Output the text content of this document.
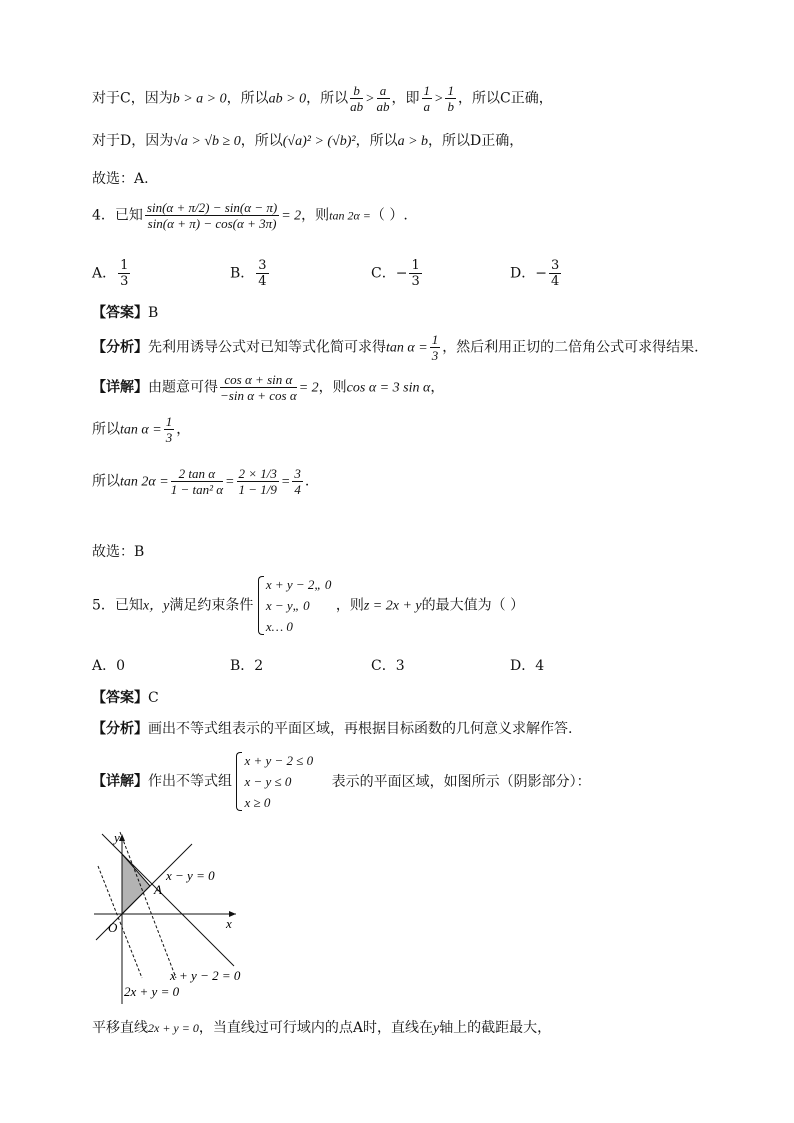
对于C，因为b > a > 0，所以ab > 0，所以 $\frac{b}{ab} > \frac{a}{ab}$ ，即 $\frac{1}{a} > \frac{1}{b}$ ，所以C正确，
对于D，因为√a > √b ≥ 0，所以(√a)² > (√b)²，所以a > b，所以D正确，
故选：A.
4．已知 $\frac{\sin(\alpha + \pi/2) - \sin(\alpha - \pi)}{\sin(\alpha + \pi) - \cos(\alpha + 3\pi)} = 2$，则tan 2α =（ ）.
A． $\frac{1}{3}$	B． $\frac{3}{4}$	C．− $\frac{1}{3}$	D．− $\frac{3}{4}$
【答案】B
【分析】先利用诱导公式对已知等式化简可求得$\tan \alpha = \frac{1}{3}$ ，然后利用正切的二倍角公式可求得结果.
【详解】由题意可得 $\frac{\text{cos α + sin α}}{\text{−sin α + cos α}} = 2$，则cos α = 3 sin α，
所以$\tan \alpha = \frac{1}{3}$ ，
所以$\tan 2\alpha = \frac{\text{2 tan α}}{\text{1 − tan² α}} = \frac{2 \times 1/3}{1 - 1/9} = \frac{3}{4}$ .
故选：B
5．已知x，y满足约束条件
x + y − 2„ 0
x − y„ 0
x… 0
，则z = 2x + y的最大值为（ ）
A．0	B．2	C．3	D．4
【答案】C
【分析】画出不等式组表示的平面区域，再根据目标函数的几何意义求解作答.
【详解】作出不等式组
x + y − 2 ≤ 0
x − y ≤ 0
x ≥ 0
表示的平面区域，如图所示（阴影部分）：
y
x
O
A
x − y = 0
x + y − 2 = 0
2x + y = 0
平移直线2x + y = 0，当直线过可行域内的点A时，直线在y轴上的截距最大，
